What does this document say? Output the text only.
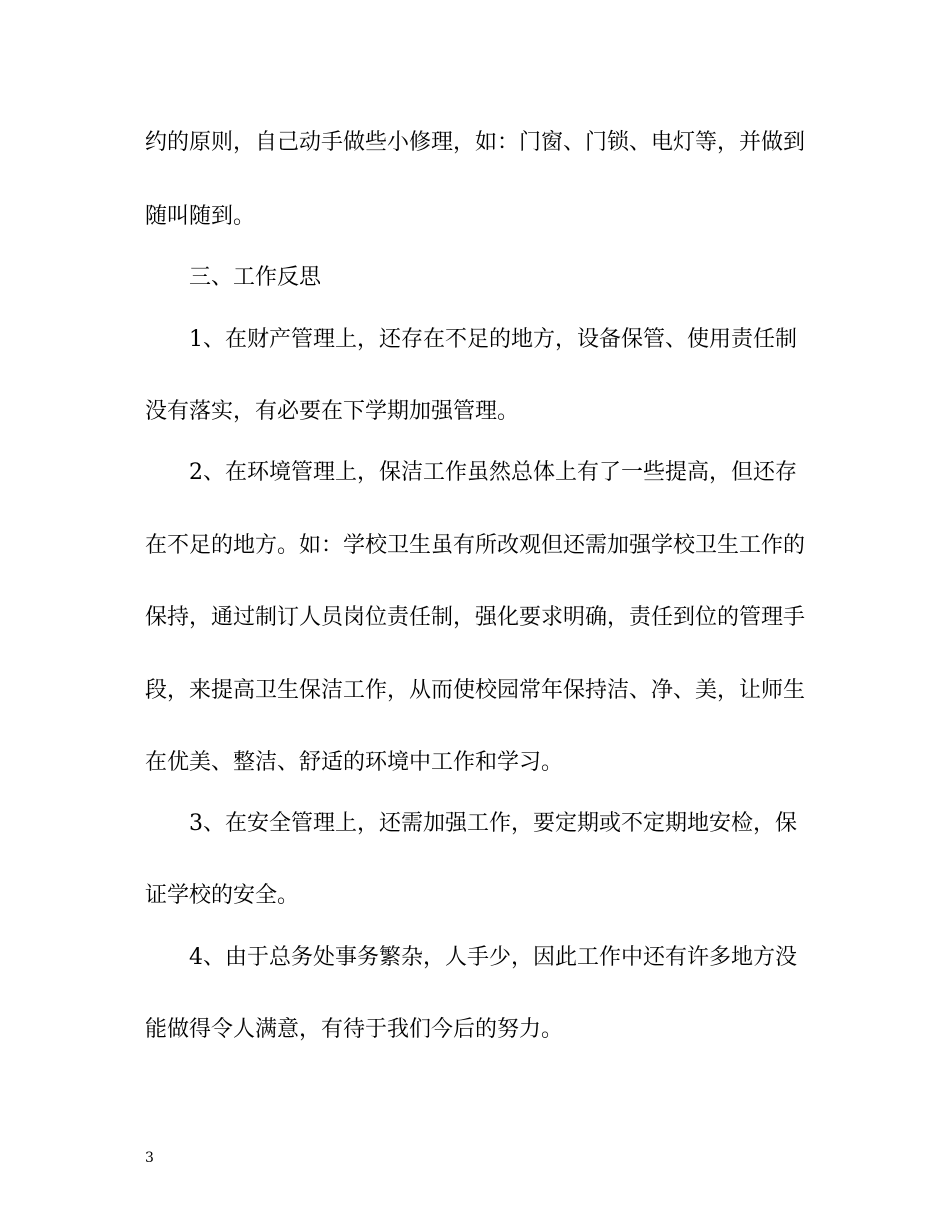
约的原则，自己动手做些小修理，如：门窗、门锁、电灯等，并做到
随叫随到。
三、工作反思
1、在财产管理上，还存在不足的地方，设备保管、使用责任制
没有落实，有必要在下学期加强管理。
2、在环境管理上，保洁工作虽然总体上有了一些提高，但还存
在不足的地方。如：学校卫生虽有所改观但还需加强学校卫生工作的
保持，通过制订人员岗位责任制，强化要求明确，责任到位的管理手
段，来提高卫生保洁工作，从而使校园常年保持洁、净、美，让师生
在优美、整洁、舒适的环境中工作和学习。
3、在安全管理上，还需加强工作，要定期或不定期地安检，保
证学校的安全。
4、由于总务处事务繁杂，人手少，因此工作中还有许多地方没
能做得令人满意，有待于我们今后的努力。
3
